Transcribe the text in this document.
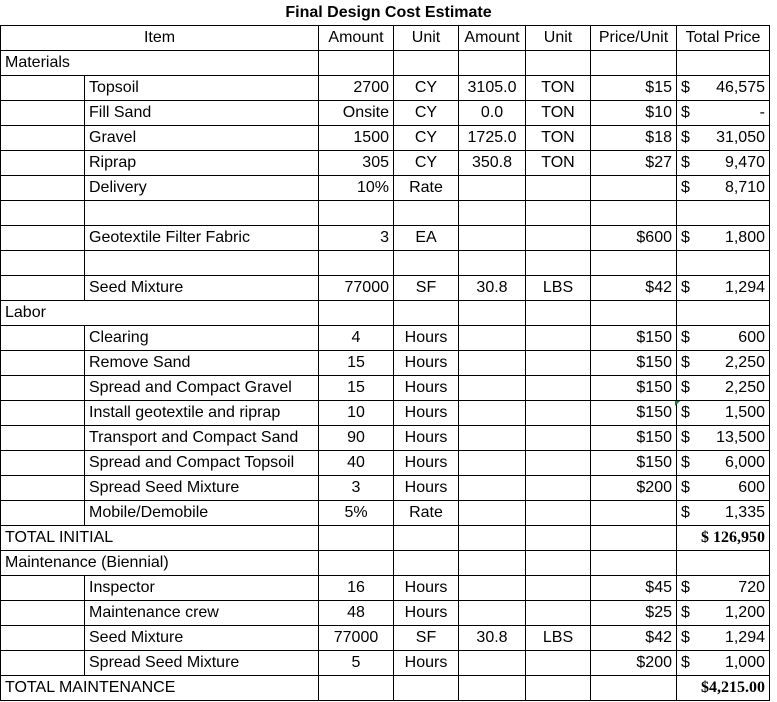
Final Design Cost Estimate
Item		Amount	Unit	Amount	Unit	Price/Unit	Total Price
Materials							
	Topsoil	2700	CY	3105.0	TON	$15	$ 46,575

	Fill Sand	Onsite	CY	0.0	TON	$10	$ -

	Gravel	1500	CY	1725.0	TON	$18	$ 31,050

	Riprap	305	CY	350.8	TON	$27	$ 9,470

	Delivery	10%	Rate				$ 8,710

	Geotextile Filter Fabric	3	EA			$600	$ 1,800

	Seed Mixture	77000	SF	30.8	LBS	$42	$ 1,294

Labor							
	Clearing	4	Hours			$150	$ 600

	Remove Sand	15	Hours			$150	$ 2,250

	Spread and Compact Gravel	15	Hours			$150	$ 2,250

	Install geotextile and riprap	10	Hours			$150	$ 1,500

	Transport and Compact Sand	90	Hours			$150	$ 13,500

	Spread and Compact Topsoil	40	Hours			$150	$ 6,000

	Spread Seed Mixture	3	Hours			$200	$ 600

	Mobile/Demobile	5%	Rate				$ 1,335

TOTAL INITIAL							$ 126,950
Maintenance (Biennial)							
	Inspector	16	Hours			$45	$ 720

	Maintenance crew	48	Hours			$25	$ 1,200

	Seed Mixture	77000	SF	30.8	LBS	$42	$ 1,294

	Spread Seed Mixture	5	Hours			$200	$ 1,000

TOTAL MAINTENANCE							$4,215.00
